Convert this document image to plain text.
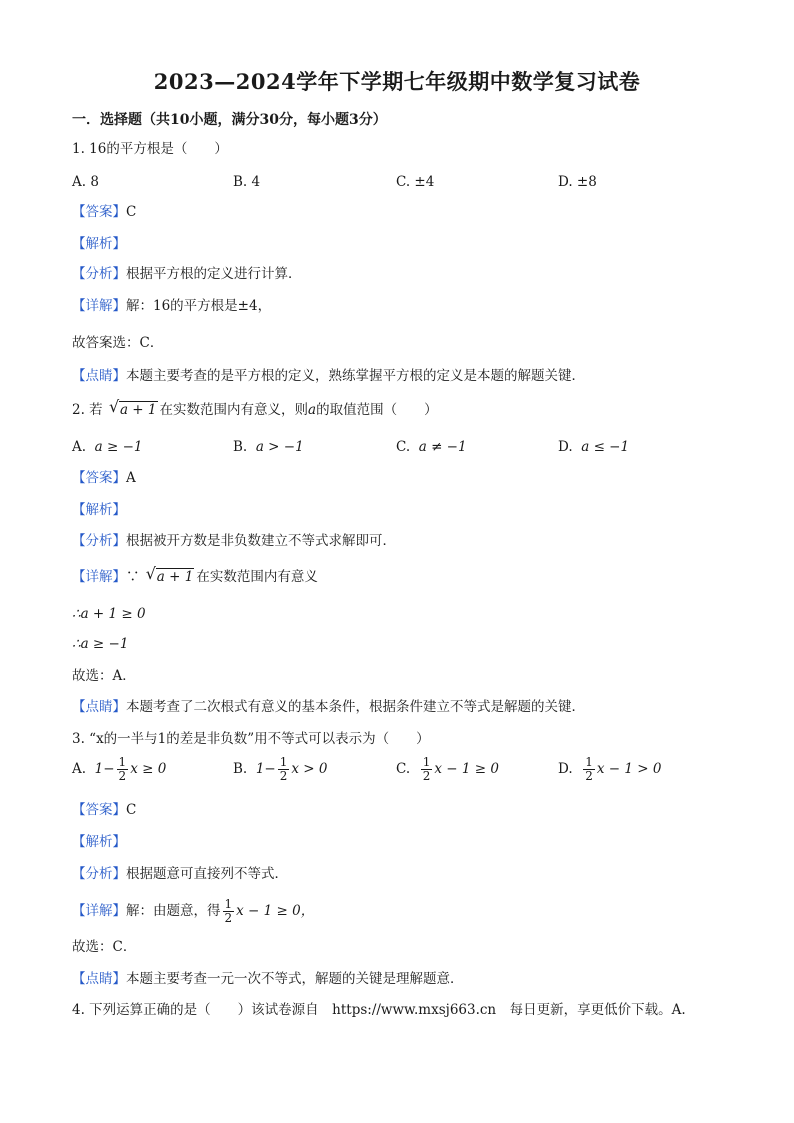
2023—2024学年下学期七年级期中数学复习试卷
一．选择题（共10小题，满分30分，每小题3分）
1. 16的平方根是（　　）
A. 8	B. 4	C. ±4	D. ±8
【答案】C
【解析】
【分析】根据平方根的定义进行计算．
【详解】解：16的平方根是±4，
故答案选：C．
【点睛】本题主要考查的是平方根的定义，熟练掌握平方根的定义是本题的解题关键．
2. 若 √ a + 1 在实数范围内有意义，则a的取值范围（　　）
A. a ≥ −1	B. a > −1	C. a ≠ −1	D. a ≤ −1
【答案】A
【解析】
【分析】根据被开方数是非负数建立不等式求解即可．
【详解】∵ √ a + 1 在实数范围内有意义
∴a + 1 ≥ 0
∴a ≥ −1
故选：A．
【点睛】本题考查了二次根式有意义的基本条件，根据条件建立不等式是解题的关键．
3. “x的一半与1的差是非负数”用不等式可以表示为（　　）
A. $1- \frac{1}{2}$ x ≥ 0	B. $1- \frac{1}{2}$ x > 0	C. $\frac{1}{2}$ x − 1 ≥ 0	D. $\frac{1}{2}$ x − 1 > 0
【答案】C
【解析】
【分析】根据题意可直接列不等式．
【详解】解：由题意，得 $\frac{1}{2}$ x − 1 ≥ 0，
故选：C．
【点睛】本题主要考查一元一次不等式，解题的关键是理解题意．
4. 下列运算正确的是（　　）该试卷源自　https://www.mxsj663.cn　每日更新，享更低价下载。A.
